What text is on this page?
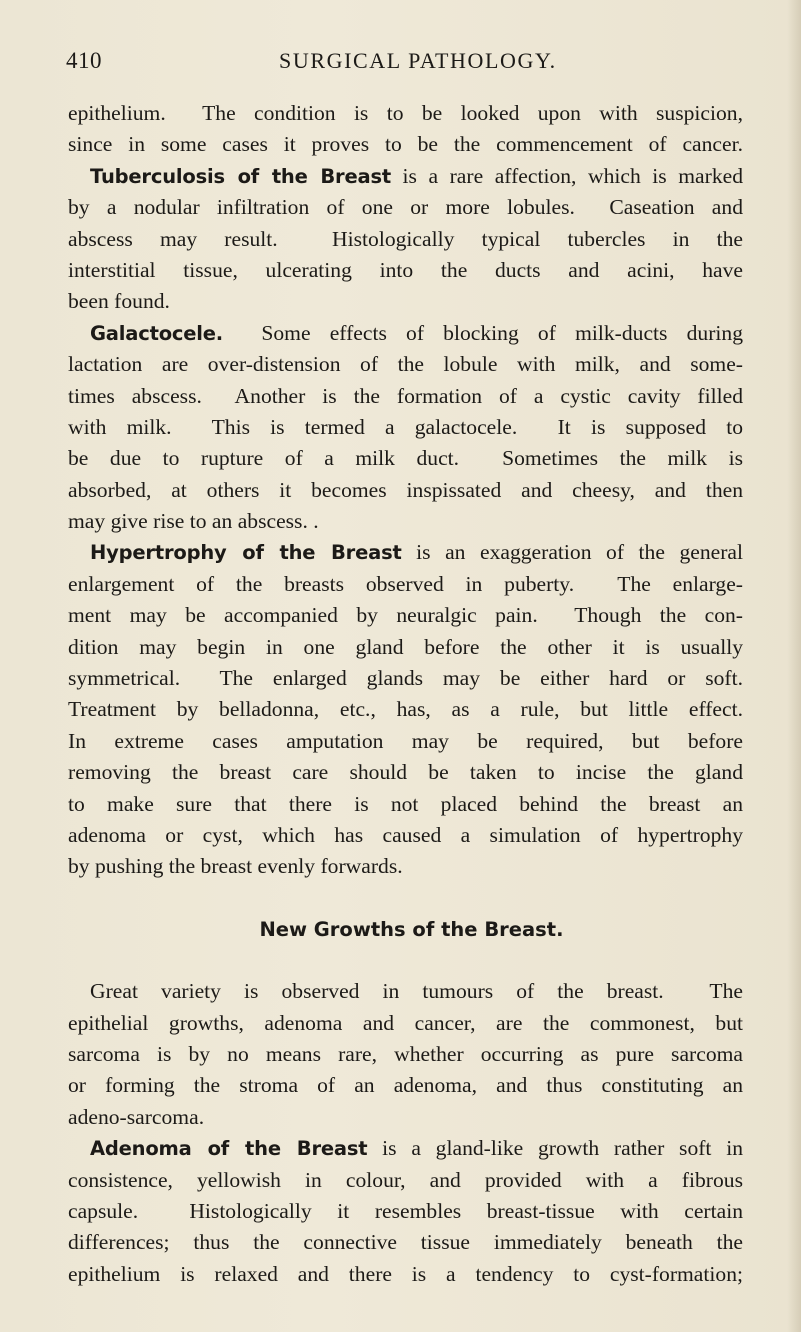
410	SURGICAL PATHOLOGY.
epithelium.  The condition is to be looked upon with suspicion,
since in some cases it proves to be the commencement of cancer.
Tuberculosis of the Breast is a rare affection, which is marked
by a nodular infiltration of one or more lobules.  Caseation and
abscess may result.  Histologically typical tubercles in the
interstitial tissue, ulcerating into the ducts and acini, have
been found.
Galactocele.  Some effects of blocking of milk-ducts during
lactation are over-distension of the lobule with milk, and some-
times abscess.  Another is the formation of a cystic cavity filled
with milk.  This is termed a galactocele.  It is supposed to
be due to rupture of a milk duct.  Sometimes the milk is
absorbed, at others it becomes inspissated and cheesy, and then
may give rise to an abscess. .
Hypertrophy of the Breast is an exaggeration of the general
enlargement of the breasts observed in puberty.  The enlarge-
ment may be accompanied by neuralgic pain.  Though the con-
dition may begin in one gland before the other it is usually
symmetrical.  The enlarged glands may be either hard or soft.
Treatment by belladonna, etc., has, as a rule, but little effect.
In extreme cases amputation may be required, but before
removing the breast care should be taken to incise the gland
to make sure that there is not placed behind the breast an
adenoma or cyst, which has caused a simulation of hypertrophy
by pushing the breast evenly forwards.
New Growths of the Breast.
Great variety is observed in tumours of the breast.  The
epithelial growths, adenoma and cancer, are the commonest, but
sarcoma is by no means rare, whether occurring as pure sarcoma
or forming the stroma of an adenoma, and thus constituting an
adeno-sarcoma.
Adenoma of the Breast is a gland-like growth rather soft in
consistence, yellowish in colour, and provided with a fibrous
capsule.  Histologically it resembles breast-tissue with certain
differences; thus the connective tissue immediately beneath the
epithelium is relaxed and there is a tendency to cyst-formation;
